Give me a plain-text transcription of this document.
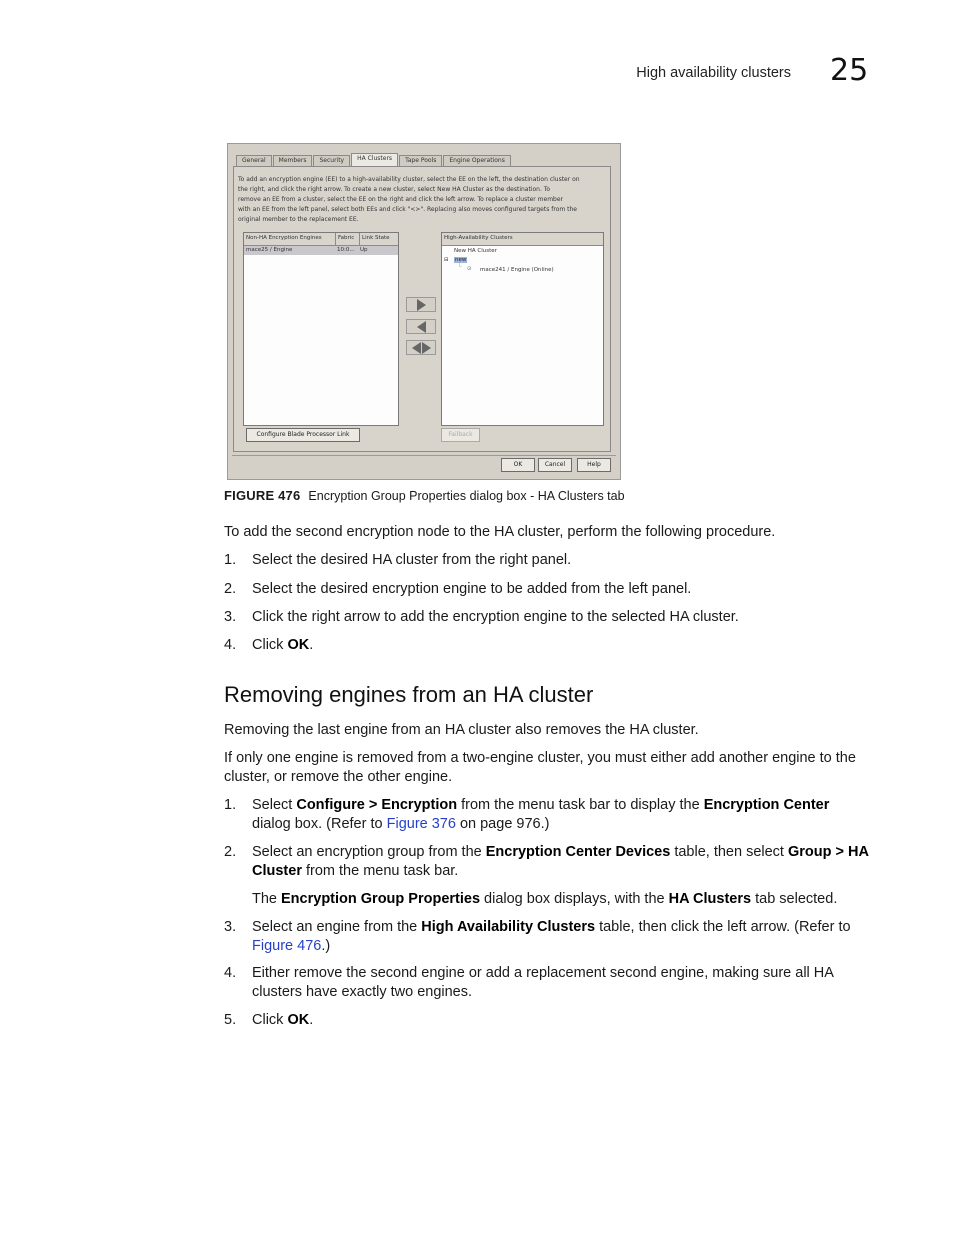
High availability clusters 25
General	Members	Security	HA Clusters	Tape Pools	Engine Operations
To add an encryption engine (EE) to a high-availability cluster, select the EE on the left, the destination cluster on
the right, and click the right arrow. To create a new cluster, select New HA Cluster as the destination. To
remove an EE from a cluster, select the EE on the right and click the left arrow. To replace a cluster member
with an EE from the left panel, select both EEs and click "<>". Replacing also moves configured targets from the
original member to the replacement EE.
Non-HA Encryption Engines	Fabric	Link State
mace25 / Engine	10:0... Up
High-Availability Clusters
New HA Cluster
⊟ new
└ ⊙ mace241 / Engine (Online)
Configure Blade Processor Link	Failback
OK	Cancel	Help
FIGURE 476 Encryption Group Properties dialog box - HA Clusters tab
To add the second encryption node to the HA cluster, perform the following procedure.
1. Select the desired HA cluster from the right panel.
2. Select the desired encryption engine to be added from the left panel.
3. Click the right arrow to add the encryption engine to the selected HA cluster.
4. Click OK.
Removing engines from an HA cluster
Removing the last engine from an HA cluster also removes the HA cluster.
If only one engine is removed from a two-engine cluster, you must either add another engine to the cluster, or remove the other engine.
1. Select Configure > Encryption from the menu task bar to display the Encryption Center dialog box. (Refer to Figure 376 on page 976.)
2. Select an encryption group from the Encryption Center Devices table, then select Group > HA Cluster from the menu task bar.
The Encryption Group Properties dialog box displays, with the HA Clusters tab selected.
3. Select an engine from the High Availability Clusters table, then click the left arrow. (Refer to Figure 476.)
4. Either remove the second engine or add a replacement second engine, making sure all HA clusters have exactly two engines.
5. Click OK.
